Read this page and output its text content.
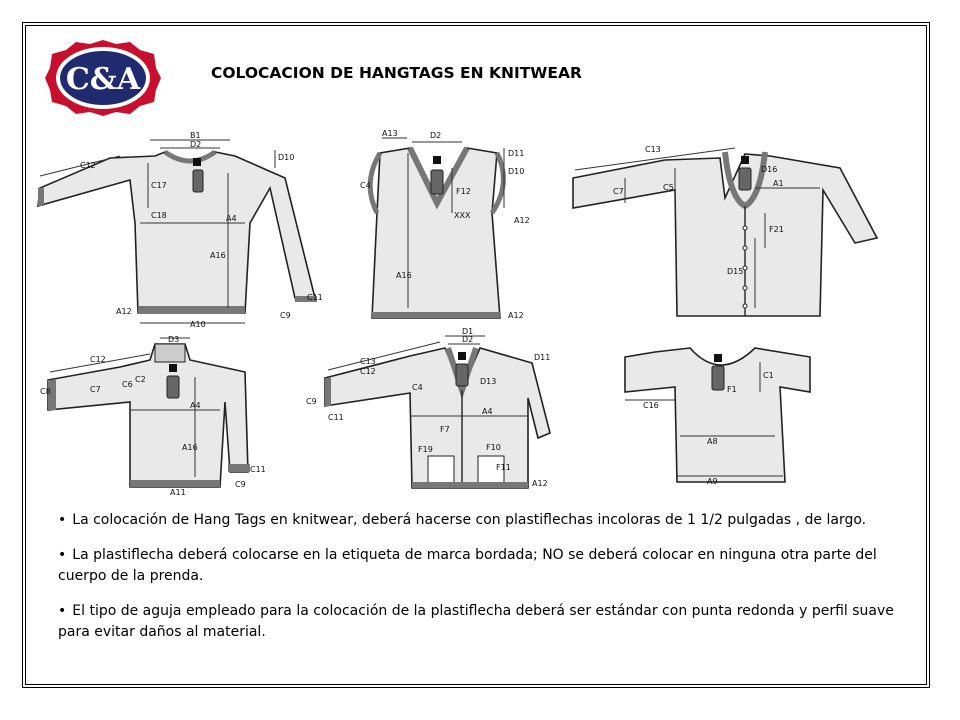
C&A	COLOCACION DE HANGTAGS EN KNITWEAR
B1
D2
D10
C12
C17
C18	A4
A16
A12
A10
C11
C9
A13	D2
D11
D10
C4
F12
XXX
A12
A16
A12
C13
D16
C7	C5	A1
F21
D15
D3
C12
C8	C7
C6
C2
A4
A16
C11
C9
A11
D1
D2
C13
C12
D11
C4
D13
A4
C9
C11
F7
F19	F10
F11
A12
F1
C1
C16
A8
A9

• La colocación de Hang Tags en knitwear, deberá hacerse con plastiflechas incoloras de 1 1/2 pulgadas , de largo.

• La plastiflecha deberá colocarse en la etiqueta de marca bordada; NO se deberá colocar en ninguna otra parte del cuerpo de la prenda.

• El tipo de aguja empleado para la colocación de la plastiflecha deberá ser estándar con punta redonda y perfil suave para evitar daños al material.
